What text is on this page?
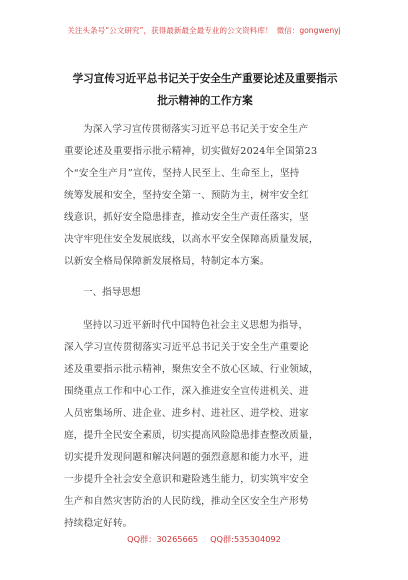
关注头条号“公文研究”，获得最新最全最专业的公文资料库！ 微信：gongwenyj
学习宣传习近平总书记关于安全生产重要论述及重要指示
批示精神的工作方案
为深入学习宣传贯彻落实习近平总书记关于安全生产
重要论述及重要指示批示精神，切实做好2024年全国第23
个“安全生产月”宣传，坚持人民至上、生命至上，坚持
统筹发展和安全，坚持安全第一、预防为主，树牢安全红
线意识，抓好安全隐患排查，推动安全生产责任落实，坚
决守牢兜住安全发展底线，以高水平安全保障高质量发展，
以新安全格局保障新发展格局，特制定本方案。
一、指导思想
坚持以习近平新时代中国特色社会主义思想为指导，
深入学习宣传贯彻落实习近平总书记关于安全生产重要论
述及重要指示批示精神，聚焦安全不放心区域、行业领域，
围绕重点工作和中心工作，深入推进安全宣传进机关、进
人员密集场所、进企业、进乡村、进社区、进学校、进家
庭，提升全民安全素质，切实提高风险隐患排查整改质量，
切实提升发现问题和解决问题的强烈意愿和能力水平，进
一步提升全社会安全意识和避险逃生能力，切实筑牢安全
生产和自然灾害防治的人民防线，推动全区安全生产形势
持续稳定好转。
QQ群：30265665 QQ群:535304092
